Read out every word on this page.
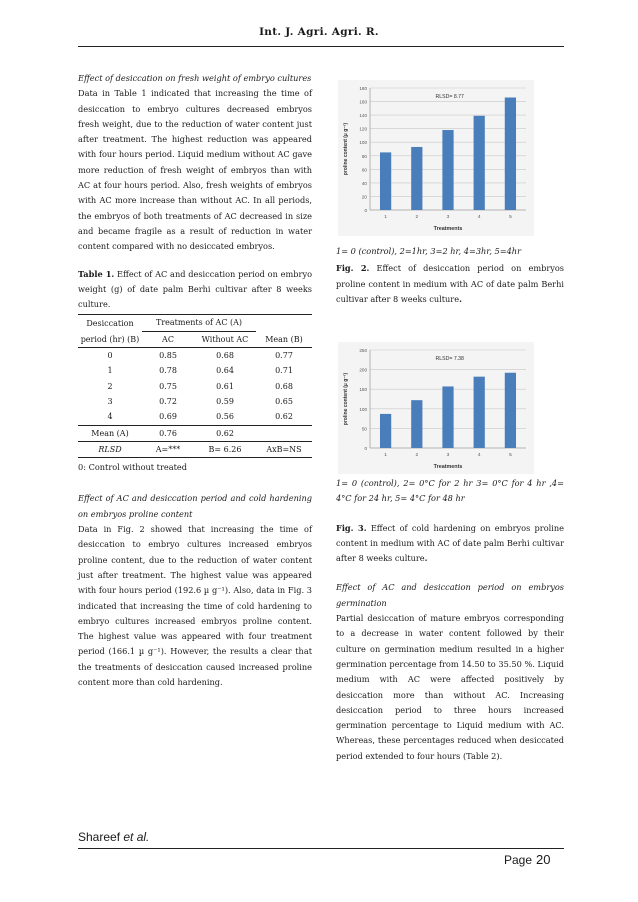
Int. J. Agri. Agri. R.

Effect of desiccation on fresh weight of embryo cultures

Data in Table 1 indicated that increasing the time of desiccation to embryo cultures decreased embryos fresh weight, due to the reduction of water content just after treatment. The highest reduction was appeared with four hours period. Liquid medium without AC gave more reduction of fresh weight of embryos than with AC at four hours period. Also, fresh weights of embryos with AC more increase than without AC. In all periods, the embryos of both treatments of AC decreased in size and became fragile as a result of reduction in water content compared with no desiccated embryos.

Table 1. Effect of AC and desiccation period on embryo weight (g) of date palm Berhi cultivar after 8 weeks culture.

Desiccation	Treatments of AC (A)		
period (hr) (B)	AC	Without AC	Mean (B)
0	0.85	0.68	0.77
1	0.78	0.64	0.71
2	0.75	0.61	0.68
3	0.72	0.59	0.65
4	0.69	0.56	0.62
Mean (A)	0.76	0.62	
RLSD	A=***	B= 6.26	AxB=NS

0: Control without treated

Effect of AC and desiccation period and cold hardening on embryos proline content

Data in Fig. 2 showed that increasing the time of desiccation to embryo cultures increased embryos proline content, due to the reduction of water content just after treatment. The highest value was appeared with four hours period (192.6 µ g⁻¹). Also, data in Fig. 3 indicated that increasing the time of cold hardening to embryo cultures increased embryos proline content. The highest value was appeared with four treatment period (166.1 µ g⁻¹). However, the results a clear that the treatments of desiccation caused increased proline content more than cold hardening.

0
20
40
60
80
100
120
140
160
180
1	2	3	4	5
RLSD= 8.77
Treatments
proline content (µ g⁻¹)

1= 0 (control), 2=1hr, 3=2 hr, 4=3hr, 5=4hr

Fig. 2. Effect of desiccation period on embryos proline content in medium with AC of date palm Berhi cultivar after 8 weeks culture.

0
50
100
150
200
250
1	2	3	4	5
RLSD= 7.38
Treatments
proline content (µ g⁻¹)

1= 0 (control), 2= 0°C for 2 hr 3= 0°C for 4 hr ,4= 4°C for 24 hr, 5= 4°C for 48 hr

Fig. 3. Effect of cold hardening on embryos proline content in medium with AC of date palm Berhi cultivar after 8 weeks culture.

Effect of AC and desiccation period on embryos germination

Partial desiccation of mature embryos corresponding to a decrease in water content followed by their culture on germination medium resulted in a higher germination percentage from 14.50 to 35.50 %. Liquid medium with AC were affected positively by desiccation more than without AC. Increasing desiccation period to three hours increased germination percentage to Liquid medium with AC. Whereas, these percentages reduced when desiccated period extended to four hours (Table 2).

Shareef et al.
Page 20
